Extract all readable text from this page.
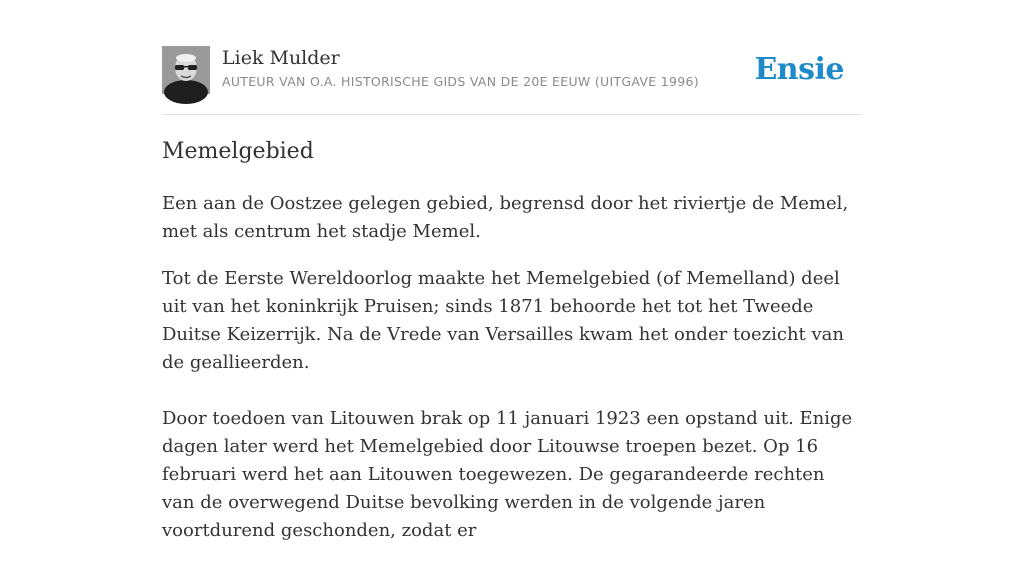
Liek Mulder
AUTEUR VAN O.A. HISTORISCHE GIDS VAN DE 20E EEUW (UITGAVE 1996) Ensie
Memelgebied

Een aan de Oostzee gelegen gebied, begrensd door het riviertje de Memel, met als centrum het stadje Memel.

Tot de Eerste Wereldoorlog maakte het Memelgebied (of Memelland) deel uit van het koninkrijk Pruisen; sinds 1871 behoorde het tot het Tweede Duitse Keizerrijk. Na de Vrede van Versailles kwam het onder toezicht van de geallieerden.

Door toedoen van Litouwen brak op 11 januari 1923 een opstand uit. Enige dagen later werd het Memelgebied door Litouwse troepen bezet. Op 16 februari werd het aan Litouwen toegewezen. De gegarandeerde rechten van de overwegend Duitse bevolking werden in de volgende jaren voortdurend geschonden, zodat er
